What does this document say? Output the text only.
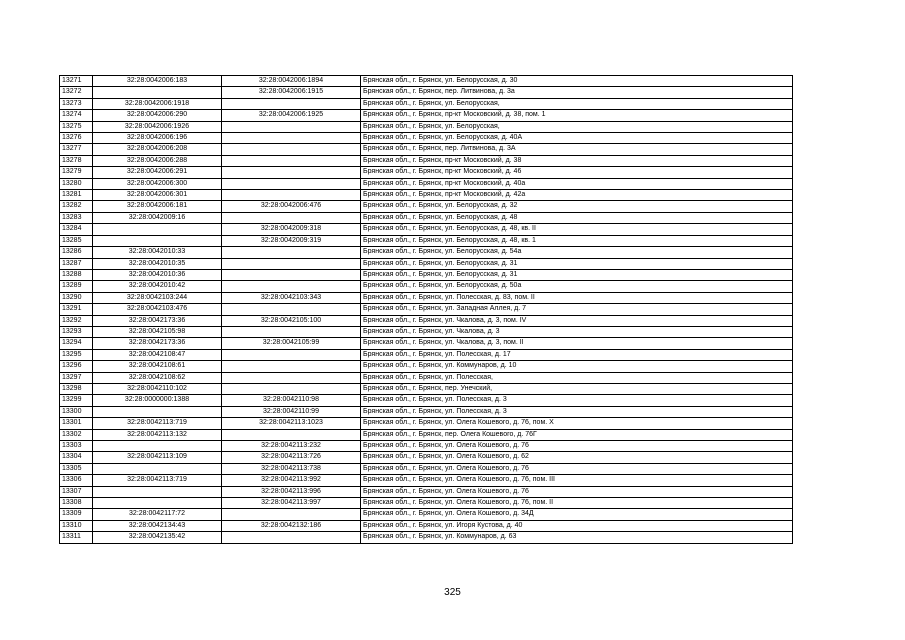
13271	32:28:0042006:183	32:28:0042006:1894	Брянская обл., г. Брянск, ул. Белорусская, д. 30
13272		32:28:0042006:1915	Брянская обл., г. Брянск, пер. Литвинова, д. 3а
13273	32:28:0042006:1918		Брянская обл., г. Брянск, ул. Белорусская,
13274	32:28:0042006:290	32:28:0042006:1925	Брянская обл., г. Брянск, пр-кт Московский, д. 38, пом. 1
13275	32:28:0042006:1926		Брянская обл., г. Брянск, ул. Белорусская,
13276	32:28:0042006:196		Брянская обл., г. Брянск, ул. Белорусская, д. 40А
13277	32:28:0042006:208		Брянская обл., г. Брянск, пер. Литвинова, д. 3А
13278	32:28:0042006:288		Брянская обл., г. Брянск, пр-кт Московский, д. 38
13279	32:28:0042006:291		Брянская обл., г. Брянск, пр-кт Московский, д. 46
13280	32:28:0042006:300		Брянская обл., г. Брянск, пр-кт Московский, д. 40а
13281	32:28:0042006:301		Брянская обл., г. Брянск, пр-кт Московский, д. 42а
13282	32:28:0042006:181	32:28:0042006:476	Брянская обл., г. Брянск, ул. Белорусская, д. 32
13283	32:28:0042009:16		Брянская обл., г. Брянск, ул. Белорусская, д. 48
13284		32:28:0042009:318	Брянская обл., г. Брянск, ул. Белорусская, д. 48, кв. II
13285		32:28:0042009:319	Брянская обл., г. Брянск, ул. Белорусская, д. 48, кв. 1
13286	32:28:0042010:33		Брянская обл., г. Брянск, ул. Белорусская, д. 54а
13287	32:28:0042010:35		Брянская обл., г. Брянск, ул. Белорусская, д. 31
13288	32:28:0042010:36		Брянская обл., г. Брянск, ул. Белорусская, д. 31
13289	32:28:0042010:42		Брянская обл., г. Брянск, ул. Белорусская, д. 50а
13290	32:28:0042103:244	32:28:0042103:343	Брянская обл., г. Брянск, ул. Полесская, д. 83, пом. II
13291	32:28:0042103:476		Брянская обл., г. Брянск, ул. Западная Аллея, д. 7
13292	32:28:0042173:36	32:28:0042105:100	Брянская обл., г. Брянск, ул. Чкалова, д. 3, пом. IV
13293	32:28:0042105:98		Брянская обл., г. Брянск, ул. Чкалова, д. 3
13294	32:28:0042173:36	32:28:0042105:99	Брянская обл., г. Брянск, ул. Чкалова, д. 3, пом. II
13295	32:28:0042108:47		Брянская обл., г. Брянск, ул. Полесская, д. 17
13296	32:28:0042108:61		Брянская обл., г. Брянск, ул. Коммунаров, д. 10
13297	32:28:0042108:62		Брянская обл., г. Брянск, ул. Полесская,
13298	32:28:0042110:102		Брянская обл., г. Брянск, пер. Унечский,
13299	32:28:0000000:1388	32:28:0042110:98	Брянская обл., г. Брянск, ул. Полесская, д. 3
13300		32:28:0042110:99	Брянская обл., г. Брянск, ул. Полесская, д. 3
13301	32:28:0042113:719	32:28:0042113:1023	Брянская обл., г. Брянск, ул. Олега Кошевого, д. 76, пом. Х
13302	32:28:0042113:132		Брянская обл., г. Брянск, пер. Олега Кошевого, д. 76Г
13303		32:28:0042113:232	Брянская обл., г. Брянск, ул. Олега Кошевого, д. 76
13304	32:28:0042113:109	32:28:0042113:726	Брянская обл., г. Брянск, ул. Олега Кошевого, д. 62
13305		32:28:0042113:738	Брянская обл., г. Брянск, ул. Олега Кошевого, д. 76
13306	32:28:0042113:719	32:28:0042113:992	Брянская обл., г. Брянск, ул. Олега Кошевого, д. 76, пом. III
13307		32:28:0042113:996	Брянская обл., г. Брянск, ул. Олега Кошевого, д. 76
13308		32:28:0042113:997	Брянская обл., г. Брянск, ул. Олега Кошевого, д. 76, пом. II
13309	32:28:0042117:72		Брянская обл., г. Брянск, ул. Олега Кошевого, д. 34Д
13310	32:28:0042134:43	32:28:0042132:186	Брянская обл., г. Брянск, ул. Игоря Кустова, д. 40
13311	32:28:0042135:42		Брянская обл., г. Брянск, ул. Коммунаров, д. 63
325
